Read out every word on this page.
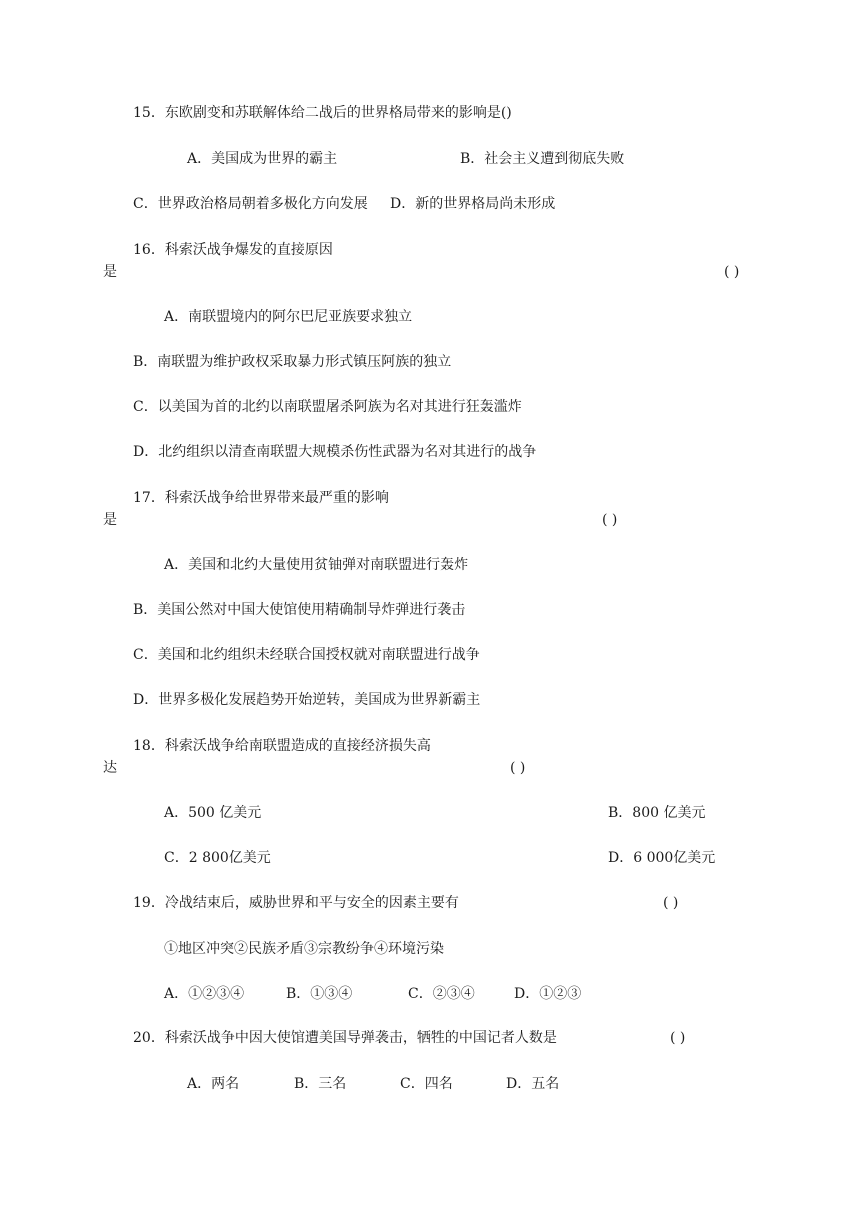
15．东欧剧变和苏联解体给二战后的世界格局带来的影响是()
A．美国成为世界的霸主	B．社会主义遭到彻底失败
C．世界政治格局朝着多极化方向发展 D．新的世界格局尚未形成
16．科索沃战争爆发的直接原因
是	( )
A．南联盟境内的阿尔巴尼亚族要求独立
B．南联盟为维护政权采取暴力形式镇压阿族的独立
C．以美国为首的北约以南联盟屠杀阿族为名对其进行狂轰滥炸
D．北约组织以清查南联盟大规模杀伤性武器为名对其进行的战争
17．科索沃战争给世界带来最严重的影响
是	( )
A．美国和北约大量使用贫铀弹对南联盟进行轰炸
B．美国公然对中国大使馆使用精确制导炸弹进行袭击
C．美国和北约组织未经联合国授权就对南联盟进行战争
D．世界多极化发展趋势开始逆转，美国成为世界新霸主
18．科索沃战争给南联盟造成的直接经济损失高
达	( )
A．500 亿美元	B．800 亿美元
C．2 800亿美元	D．6 000亿美元
19．冷战结束后，威胁世界和平与安全的因素主要有	( )
①地区冲突②民族矛盾③宗教纷争④环境污染
A．①②③④	B．①③④	C．②③④	D．①②③
20．科索沃战争中因大使馆遭美国导弹袭击，牺牲的中国记者人数是	( )
A．两名	B．三名	C．四名	D．五名
